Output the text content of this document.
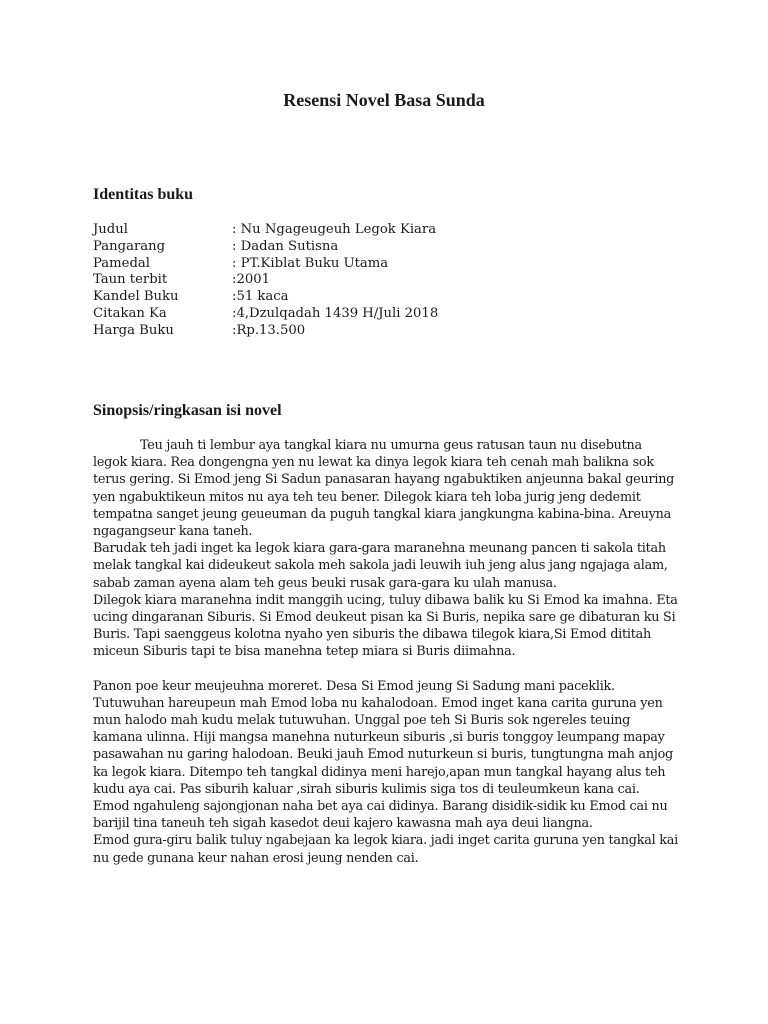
Resensi Novel Basa Sunda
Identitas buku
Judul	: Nu Ngageugeuh Legok Kiara
Pangarang	: Dadan Sutisna
Pamedal	: PT.Kiblat Buku Utama
Taun terbit	:2001
Kandel Buku	:51 kaca
Citakan Ka	:4,Dzulqadah 1439 H/Juli 2018
Harga Buku	:Rp.13.500
Sinopsis/ringkasan isi novel

Teu jauh ti lembur aya tangkal kiara nu umurna geus ratusan taun nu disebutna legok kiara. Rea dongengna yen nu lewat ka dinya legok kiara teh cenah mah balikna sok terus gering. Si Emod jeng Si Sadun panasaran hayang ngabuktiken anjeunna bakal geuring yen ngabuktikeun mitos nu aya teh teu bener. Dilegok kiara teh loba jurig jeng dedemit tempatna sanget jeung geueuman da puguh tangkal kiara jangkungna kabina-bina. Areuyna ngagangseur kana taneh.

Barudak teh jadi inget ka legok kiara gara-gara maranehna meunang pancen ti sakola titah melak tangkal kai dideukeut sakola meh sakola jadi leuwih iuh jeng alus jang ngajaga alam, sabab zaman ayena alam teh geus beuki rusak gara-gara ku ulah manusa.

Dilegok kiara maranehna indit manggih ucing, tuluy dibawa balik ku Si Emod ka imahna. Eta ucing dingaranan Siburis. Si Emod deukeut pisan ka Si Buris, nepika sare ge dibaturan ku Si Buris. Tapi saenggeus kolotna nyaho yen siburis the dibawa tilegok kiara,Si Emod dititah miceun Siburis tapi te bisa manehna tetep miara si Buris diimahna.

Panon poe keur meujeuhna moreret. Desa Si Emod jeung Si Sadung mani paceklik. Tutuwuhan hareupeun mah Emod loba nu kahalodoan. Emod inget kana carita guruna yen mun halodo mah kudu melak tutuwuhan. Unggal poe teh Si Buris sok ngereles teuing kamana ulinna. Hiji mangsa manehna nuturkeun siburis ,si buris tonggoy leumpang mapay pasawahan nu garing halodoan. Beuki jauh Emod nuturkeun si buris, tungtungna mah anjog ka legok kiara. Ditempo teh tangkal didinya meni harejo,apan mun tangkal hayang alus teh kudu aya cai. Pas siburih kaluar ,sirah siburis kulimis siga tos di teuleumkeun kana cai. Emod ngahuleng sajongjonan naha bet aya cai didinya. Barang disidik-sidik ku Emod cai nu barijil tina taneuh teh sigah kasedot deui kajero kawasna mah aya deui liangna.

Emod gura-giru balik tuluy ngabejaan ka legok kiara. jadi inget carita guruna yen tangkal kai nu gede gunana keur nahan erosi jeung nenden cai.
